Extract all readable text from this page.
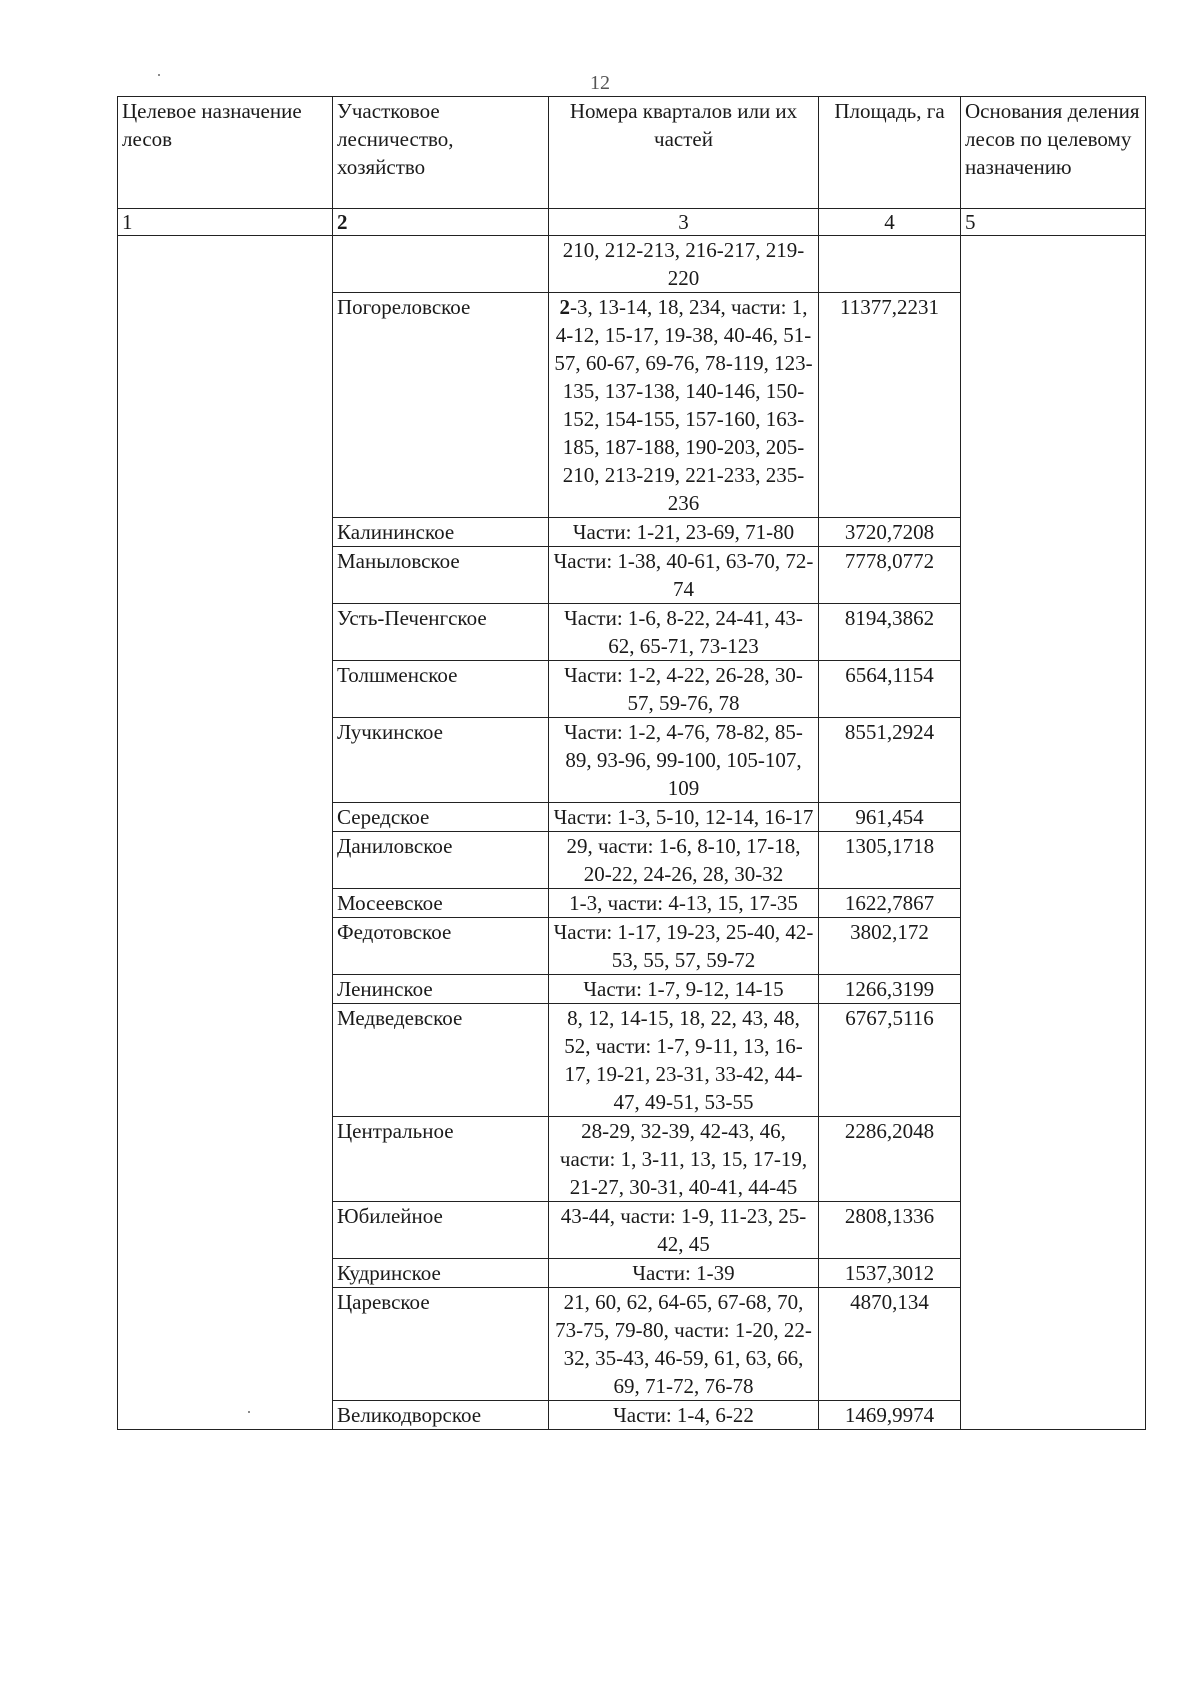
12
Целевое назначение лесов	Участковое лесничество, хозяйство	Номера кварталов или их частей	Площадь, га	Основания деления лесов по целевому назначению
1	2	3	4	5
		210, 212-213, 216-217, 219-220		
	Погореловское	2-3, 13-14, 18, 234, части: 1, 4-12, 15-17, 19-38, 40-46, 51-57, 60-67, 69-76, 78-119, 123-135, 137-138, 140-146, 150-152, 154-155, 157-160, 163-185, 187-188, 190-203, 205-210, 213-219, 221-233, 235-236	11377,2231	
	Калининское	Части: 1-21, 23-69, 71-80	3720,7208	
	Маныловское	Части: 1-38, 40-61, 63-70, 72-74	7778,0772	
	Усть-Печенгское	Части: 1-6, 8-22, 24-41, 43-62, 65-71, 73-123	8194,3862	
	Толшменское	Части: 1-2, 4-22, 26-28, 30-57, 59-76, 78	6564,1154	
	Лучкинское	Части: 1-2, 4-76, 78-82, 85-89, 93-96, 99-100, 105-107, 109	8551,2924	
	Середское	Части: 1-3, 5-10, 12-14, 16-17	961,454	
	Даниловское	29, части: 1-6, 8-10, 17-18, 20-22, 24-26, 28, 30-32	1305,1718	
	Мосеевское	1-3, части: 4-13, 15, 17-35	1622,7867	
	Федотовское	Части: 1-17, 19-23, 25-40, 42-53, 55, 57, 59-72	3802,172	
	Ленинское	Части: 1-7, 9-12, 14-15	1266,3199	
	Медведевское	8, 12, 14-15, 18, 22, 43, 48, 52, части: 1-7, 9-11, 13, 16-17, 19-21, 23-31, 33-42, 44-47, 49-51, 53-55	6767,5116	
	Центральное	28-29, 32-39, 42-43, 46, части: 1, 3-11, 13, 15, 17-19, 21-27, 30-31, 40-41, 44-45	2286,2048	
	Юбилейное	43-44, части: 1-9, 11-23, 25-42, 45	2808,1336	
	Кудринское	Части: 1-39	1537,3012	
	Царевское	21, 60, 62, 64-65, 67-68, 70, 73-75, 79-80, части: 1-20, 22-32, 35-43, 46-59, 61, 63, 66, 69, 71-72, 76-78	4870,134	
	Великодворское	Части: 1-4, 6-22	1469,9974	
